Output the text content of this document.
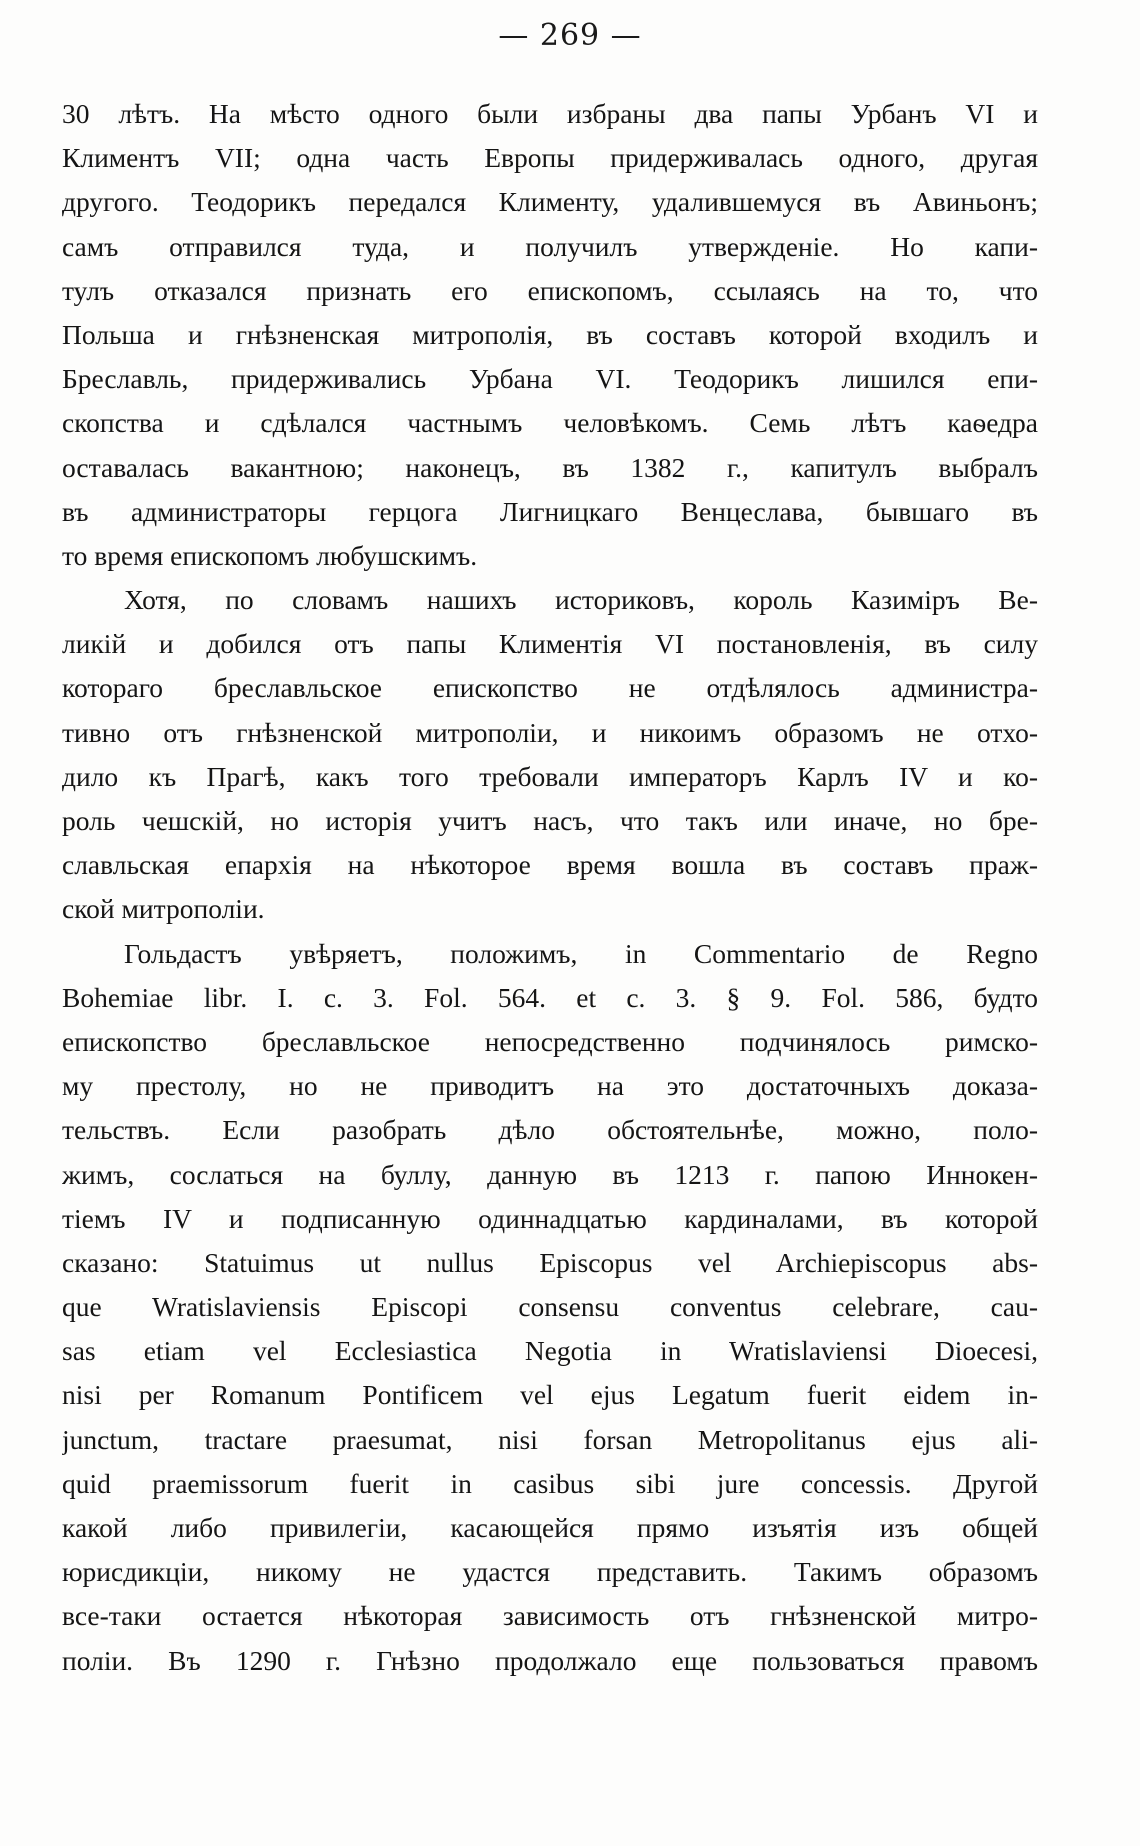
— 269 —
30 лѣтъ. На мѣсто одного были избраны два папы Урбанъ VI и
Климентъ VII; одна часть Европы придерживалась одного, другая
другого. Теодорикъ передался Клименту, удалившемуся въ Авиньонъ;
самъ отправился туда, и получилъ утвержденіе. Но капи-
тулъ отказался признать его епископомъ, ссылаясь на то, что
Польша и гнѣзненская митрополія, въ составъ которой входилъ и
Бреславль, придерживались Урбана VI. Теодорикъ лишился епи-
скопства и сдѣлался частнымъ человѣкомъ. Семь лѣтъ каѳедра
оставалась вакантною; наконецъ, въ 1382 г., капитулъ выбралъ
въ администраторы герцога Лигницкаго Венцеслава, бывшаго въ
то время епископомъ любушскимъ.
Хотя, по словамъ нашихъ историковъ, король Казиміръ Ве-
ликій и добился отъ папы Климентія VI постановленія, въ силу
котораго бреславльское епископство не отдѣлялось администра-
тивно отъ гнѣзненской митрополіи, и никоимъ образомъ не отхо-
дило къ Прагѣ, какъ того требовали императоръ Карлъ IV и ко-
роль чешскій, но исторія учитъ насъ, что такъ или иначе, но бре-
славльская епархія на нѣкоторое время вошла въ составъ праж-
ской митрополіи.
Гольдастъ увѣряетъ, положимъ, in Commentario de Regno
Bohemiae libr. I. c. 3. Fol. 564. et c. 3. § 9. Fol. 586, будто
епископство бреславльское непосредственно подчинялось римско-
му престолу, но не приводитъ на это достаточныхъ доказа-
тельствъ. Если разобрать дѣло обстоятельнѣе, можно, поло-
жимъ, сослаться на буллу, данную въ 1213 г. папою Иннокен-
тіемъ IV и подписанную одиннадцатью кардиналами, въ которой
сказано: Statuimus ut nullus Episcopus vel Archiepiscopus abs-
que Wratislaviensis Episcopi consensu conventus celebrare, cau-
sas etiam vel Ecclesiastica Negotia in Wratislaviensi Dioecesi,
nisi per Romanum Pontificem vel ejus Legatum fuerit eidem in-
junctum, tractare praesumat, nisi forsan Metropolitanus ejus ali-
quid praemissorum fuerit in casibus sibi jure concessis. Другой
какой либо привилегіи, касающейся прямо изъятія изъ общей
юрисдикціи, никому не удастся представить. Такимъ образомъ
все-таки остается нѣкоторая зависимость отъ гнѣзненской митро-
поліи. Въ 1290 г. Гнѣзно продолжало еще пользоваться правомъ
